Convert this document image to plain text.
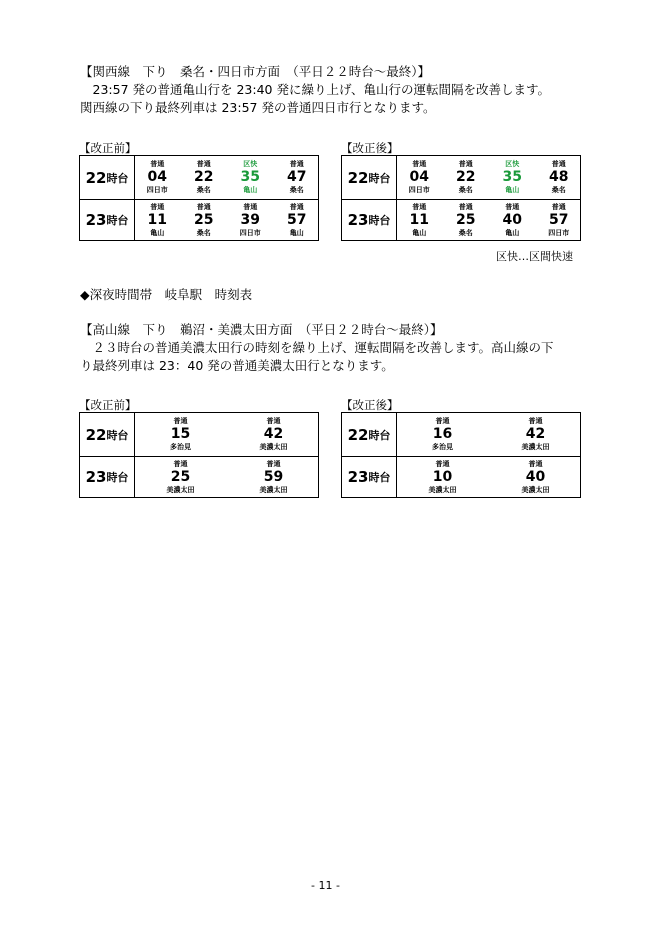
【関西線　下り　桑名・四日市方面　（平日２２時台～最終）】
　23:57 発の普通亀山行を 23:40 発に繰り上げ、亀山行の運転間隔を改善します。
関西線の下り最終列車は 23:57 発の普通四日市行となります。
【改正前】	【改正後】
22 時台
普通
04
四日市
普通
22
桑名
区快
35
亀山
普通
47
桑名
23 時台
普通
11
亀山
普通
25
桑名
普通
39
四日市
普通
57
亀山
22 時台
普通
04
四日市
普通
22
桑名
区快
35
亀山
普通
48
桑名
23 時台
普通
11
亀山
普通
25
桑名
普通
40
亀山
普通
57
四日市
区快…区間快速
◆深夜時間帯　岐阜駅　時刻表
【高山線　下り　鵜沼・美濃太田方面　（平日２２時台～最終）】
　２３時台の普通美濃太田行の時刻を繰り上げ、運転間隔を改善します。高山線の下
り最終列車は 23：40 発の普通美濃太田行となります。
【改正前】	【改正後】
22 時台
普通
15
多治見
普通
42
美濃太田
23 時台
普通
25
美濃太田
普通
59
美濃太田
22 時台
普通
16
多治見
普通
42
美濃太田
23 時台
普通
10
美濃太田
普通
40
美濃太田
- 11 -
